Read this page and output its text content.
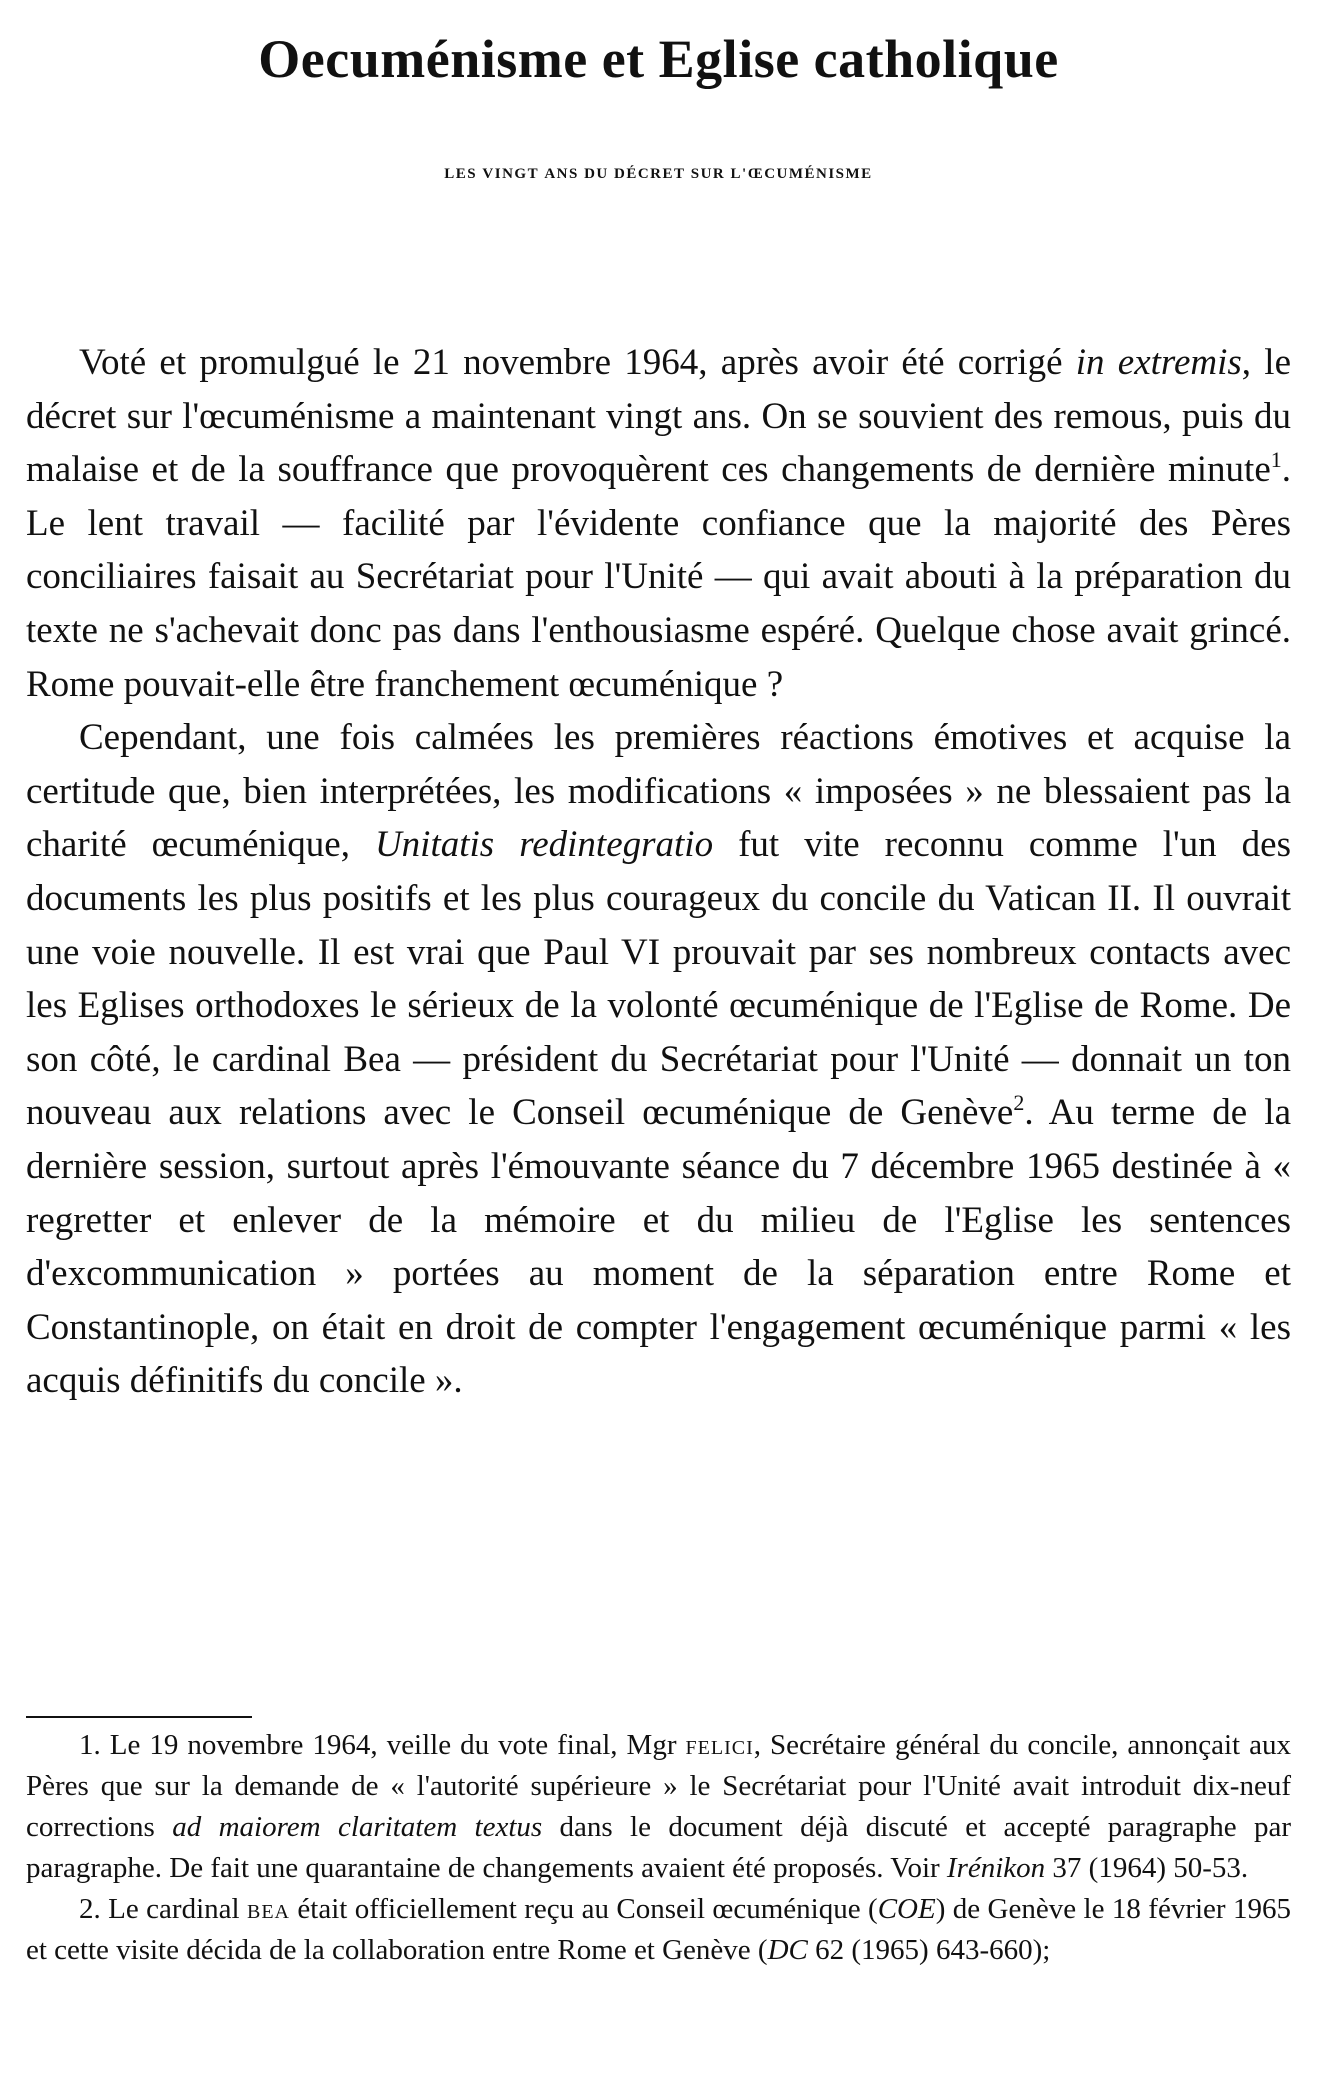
Oecuménisme et Eglise catholique
les vingt ans du décret sur l'œcuménisme

Voté et promulgué le 21 novembre 1964, après avoir été corrigé in extremis, le décret sur l'œcuménisme a maintenant vingt ans. On se souvient des remous, puis du malaise et de la souffrance que provoquèrent ces changements de dernière minute$^1$. Le lent travail — facilité par l'évidente confiance que la majorité des Pères conciliaires faisait au Secrétariat pour l'Unité — qui avait abouti à la préparation du texte ne s'achevait donc pas dans l'enthousiasme espéré. Quelque chose avait grincé. Rome pouvait-elle être franchement œcuménique ?

Cependant, une fois calmées les premières réactions émotives et acquise la certitude que, bien interprétées, les modifications « imposées » ne blessaient pas la charité œcuménique, Unitatis redintegratio fut vite reconnu comme l'un des documents les plus positifs et les plus courageux du concile du Vatican II. Il ouvrait une voie nouvelle. Il est vrai que Paul VI prouvait par ses nombreux contacts avec les Eglises orthodoxes le sérieux de la volonté œcuménique de l'Eglise de Rome. De son côté, le cardinal Bea — président du Secrétariat pour l'Unité — donnait un ton nouveau aux relations avec le Conseil œcuménique de Genève$^2$. Au terme de la dernière session, surtout après l'émouvante séance du 7 décembre 1965 destinée à « regretter et enlever de la mémoire et du milieu de l'Eglise les sentences d'excommunication » portées au moment de la séparation entre Rome et Constantinople, on était en droit de compter l'engagement œcuménique parmi « les acquis définitifs du concile ».

1. Le 19 novembre 1964, veille du vote final, Mgr Felici, Secrétaire général du concile, annonçait aux Pères que sur la demande de « l'autorité supérieure » le Secrétariat pour l'Unité avait introduit dix-neuf corrections ad maiorem claritatem textus dans le document déjà discuté et accepté paragraphe par paragraphe. De fait une quarantaine de changements avaient été proposés. Voir Irénikon 37 (1964) 50-53.

2. Le cardinal Bea était officiellement reçu au Conseil œcuménique (COE) de Genève le 18 février 1965 et cette visite décida de la collaboration entre Rome et Genève (DC 62 (1965) 643-660);
